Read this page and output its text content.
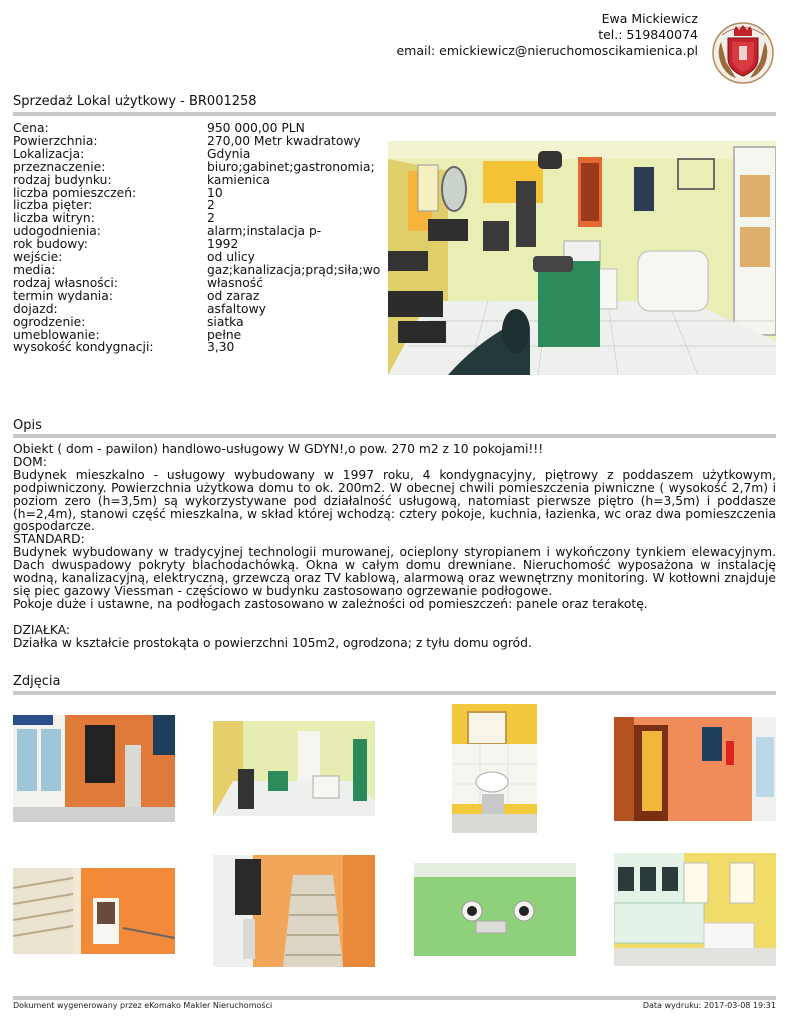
Ewa Mickiewicz
tel.: 519840074
email: emickiewicz@nieruchomoscikamienica.pl
Sprzedaż Lokal użytkowy - BR001258
Cena:	950 000,00 PLN
Powierzchnia:	270,00 Metr kwadratowy
Lokalizacja:	Gdynia
przeznaczenie:	biuro;gabinet;gastronomia;
rodzaj budynku:	kamienica
liczba pomieszczeń:	10
liczba pięter:	2
liczba witryn:	2
udogodnienia:	alarm;instalacja p-
rok budowy:	1992
wejście:	od ulicy
media:	gaz;kanalizacja;prąd;siła;wo
rodzaj własności:	własność
termin wydania:	od zaraz
dojazd:	asfaltowy
ogrodzenie:	siatka
umeblowanie:	pełne
wysokość kondygnacji:	3,30
Opis

Obiekt ( dom - pawilon) handlowo-usługowy W GDYN!,o pow. 270 m2 z 10 pokojami!!!

DOM:

Budynek mieszkalno - usługowy wybudowany w 1997 roku, 4 kondygnacyjny, piętrowy z poddaszem użytkowym, podpiwniczony. Powierzchnia użytkowa domu to ok. 200m2. W obecnej chwili pomieszczenia piwniczne ( wysokość 2,7m) i poziom zero (h=3,5m) są wykorzystywane pod działalność usługową, natomiast pierwsze piętro (h=3,5m) i poddasze (h=2,4m), stanowi część mieszkalna, w skład której wchodzą: cztery pokoje, kuchnia, łazienka, wc oraz dwa pomieszczenia gospodarcze.

STANDARD:

Budynek wybudowany w tradycyjnej technologii murowanej, ocieplony styropianem i wykończony tynkiem elewacyjnym. Dach dwuspadowy pokryty blachodachówką. Okna w całym domu drewniane. Nieruchomość wyposażona w instalację wodną, kanalizacyjną, elektryczną, grzewczą oraz TV kablową, alarmową oraz wewnętrzny monitoring. W kotłowni znajduje się piec gazowy Viessman - częściowo w budynku zastosowano ogrzewanie podłogowe.

Pokoje duże i ustawne, na podłogach zastosowano w zależności od pomieszczeń: panele oraz terakotę.

DZIAŁKA:

Działka w kształcie prostokąta o powierzchni 105m2, ogrodzona; z tyłu domu ogród.

Zdjęcia
Dokument wygenerowany przez eKomako Makler Nieruchomości	Data wydruku: 2017-03-08 19:31
